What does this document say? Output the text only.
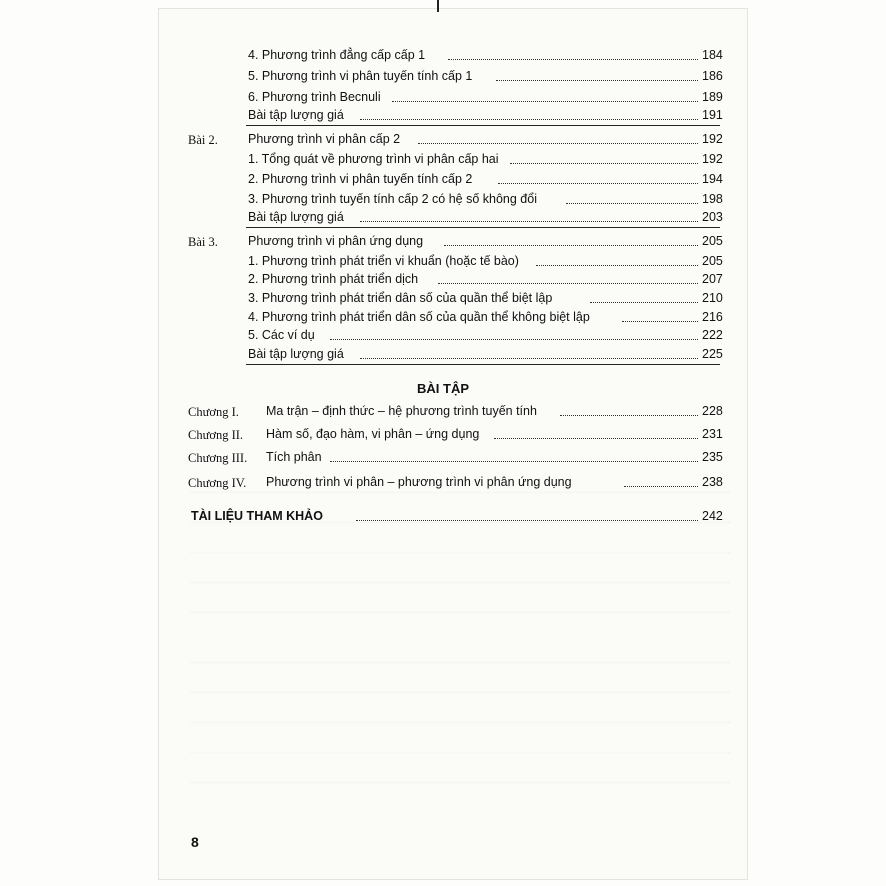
4. Phương trình đẳng cấp cấp 1	184
5. Phương trình vi phân tuyến tính cấp 1	186
6. Phương trình Becnuli	189
Bài tập lượng giá	191
Bài 2. Phương trình vi phân cấp 2	192
1. Tổng quát về phương trình vi phân cấp hai	192
2. Phương trình vi phân tuyến tính cấp 2	194
3. Phương trình tuyến tính cấp 2 có hệ số không đổi	198
Bài tập lượng giá	203
Bài 3. Phương trình vi phân ứng dụng	205
1. Phương trình phát triển vi khuẩn (hoặc tế bào)	205
2. Phương trình phát triển dịch	207
3. Phương trình phát triển dân số của quần thể biệt lập	210
4. Phương trình phát triển dân số của quần thể không biệt lập	216
5. Các ví dụ	222
Bài tập lượng giá	225
BÀI TẬP
Chương I. Ma trận – định thức – hệ phương trình tuyến tính	228
Chương II. Hàm số, đạo hàm, vi phân – ứng dụng	231
Chương III. Tích phân	235
Chương IV. Phương trình vi phân – phương trình vi phân ứng dụng	238
TÀI LIỆU THAM KHẢO	242
8
